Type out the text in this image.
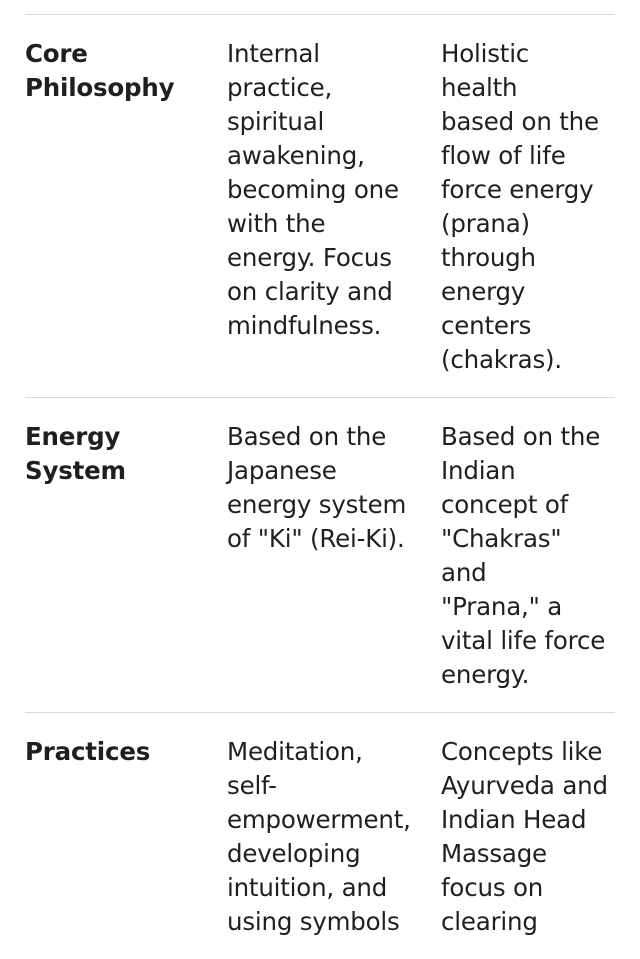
Core
Philosophy
Internal
practice,
spiritual
awakening,
becoming one
with the
energy. Focus
on clarity and
mindfulness.
Holistic health
based on the
flow of life
force energy
(prana)
through
energy
centers
(chakras).
Energy
System
Based on the
Japanese
energy system
of "Ki" (Rei-Ki).
Based on the
Indian
concept of
"Chakras" and
"Prana," a
vital life force
energy.
Practices	Meditation,
self-
empowerment,
developing
intuition, and
using symbols
Concepts like
Ayurveda and
Indian Head
Massage
focus on
clearing
